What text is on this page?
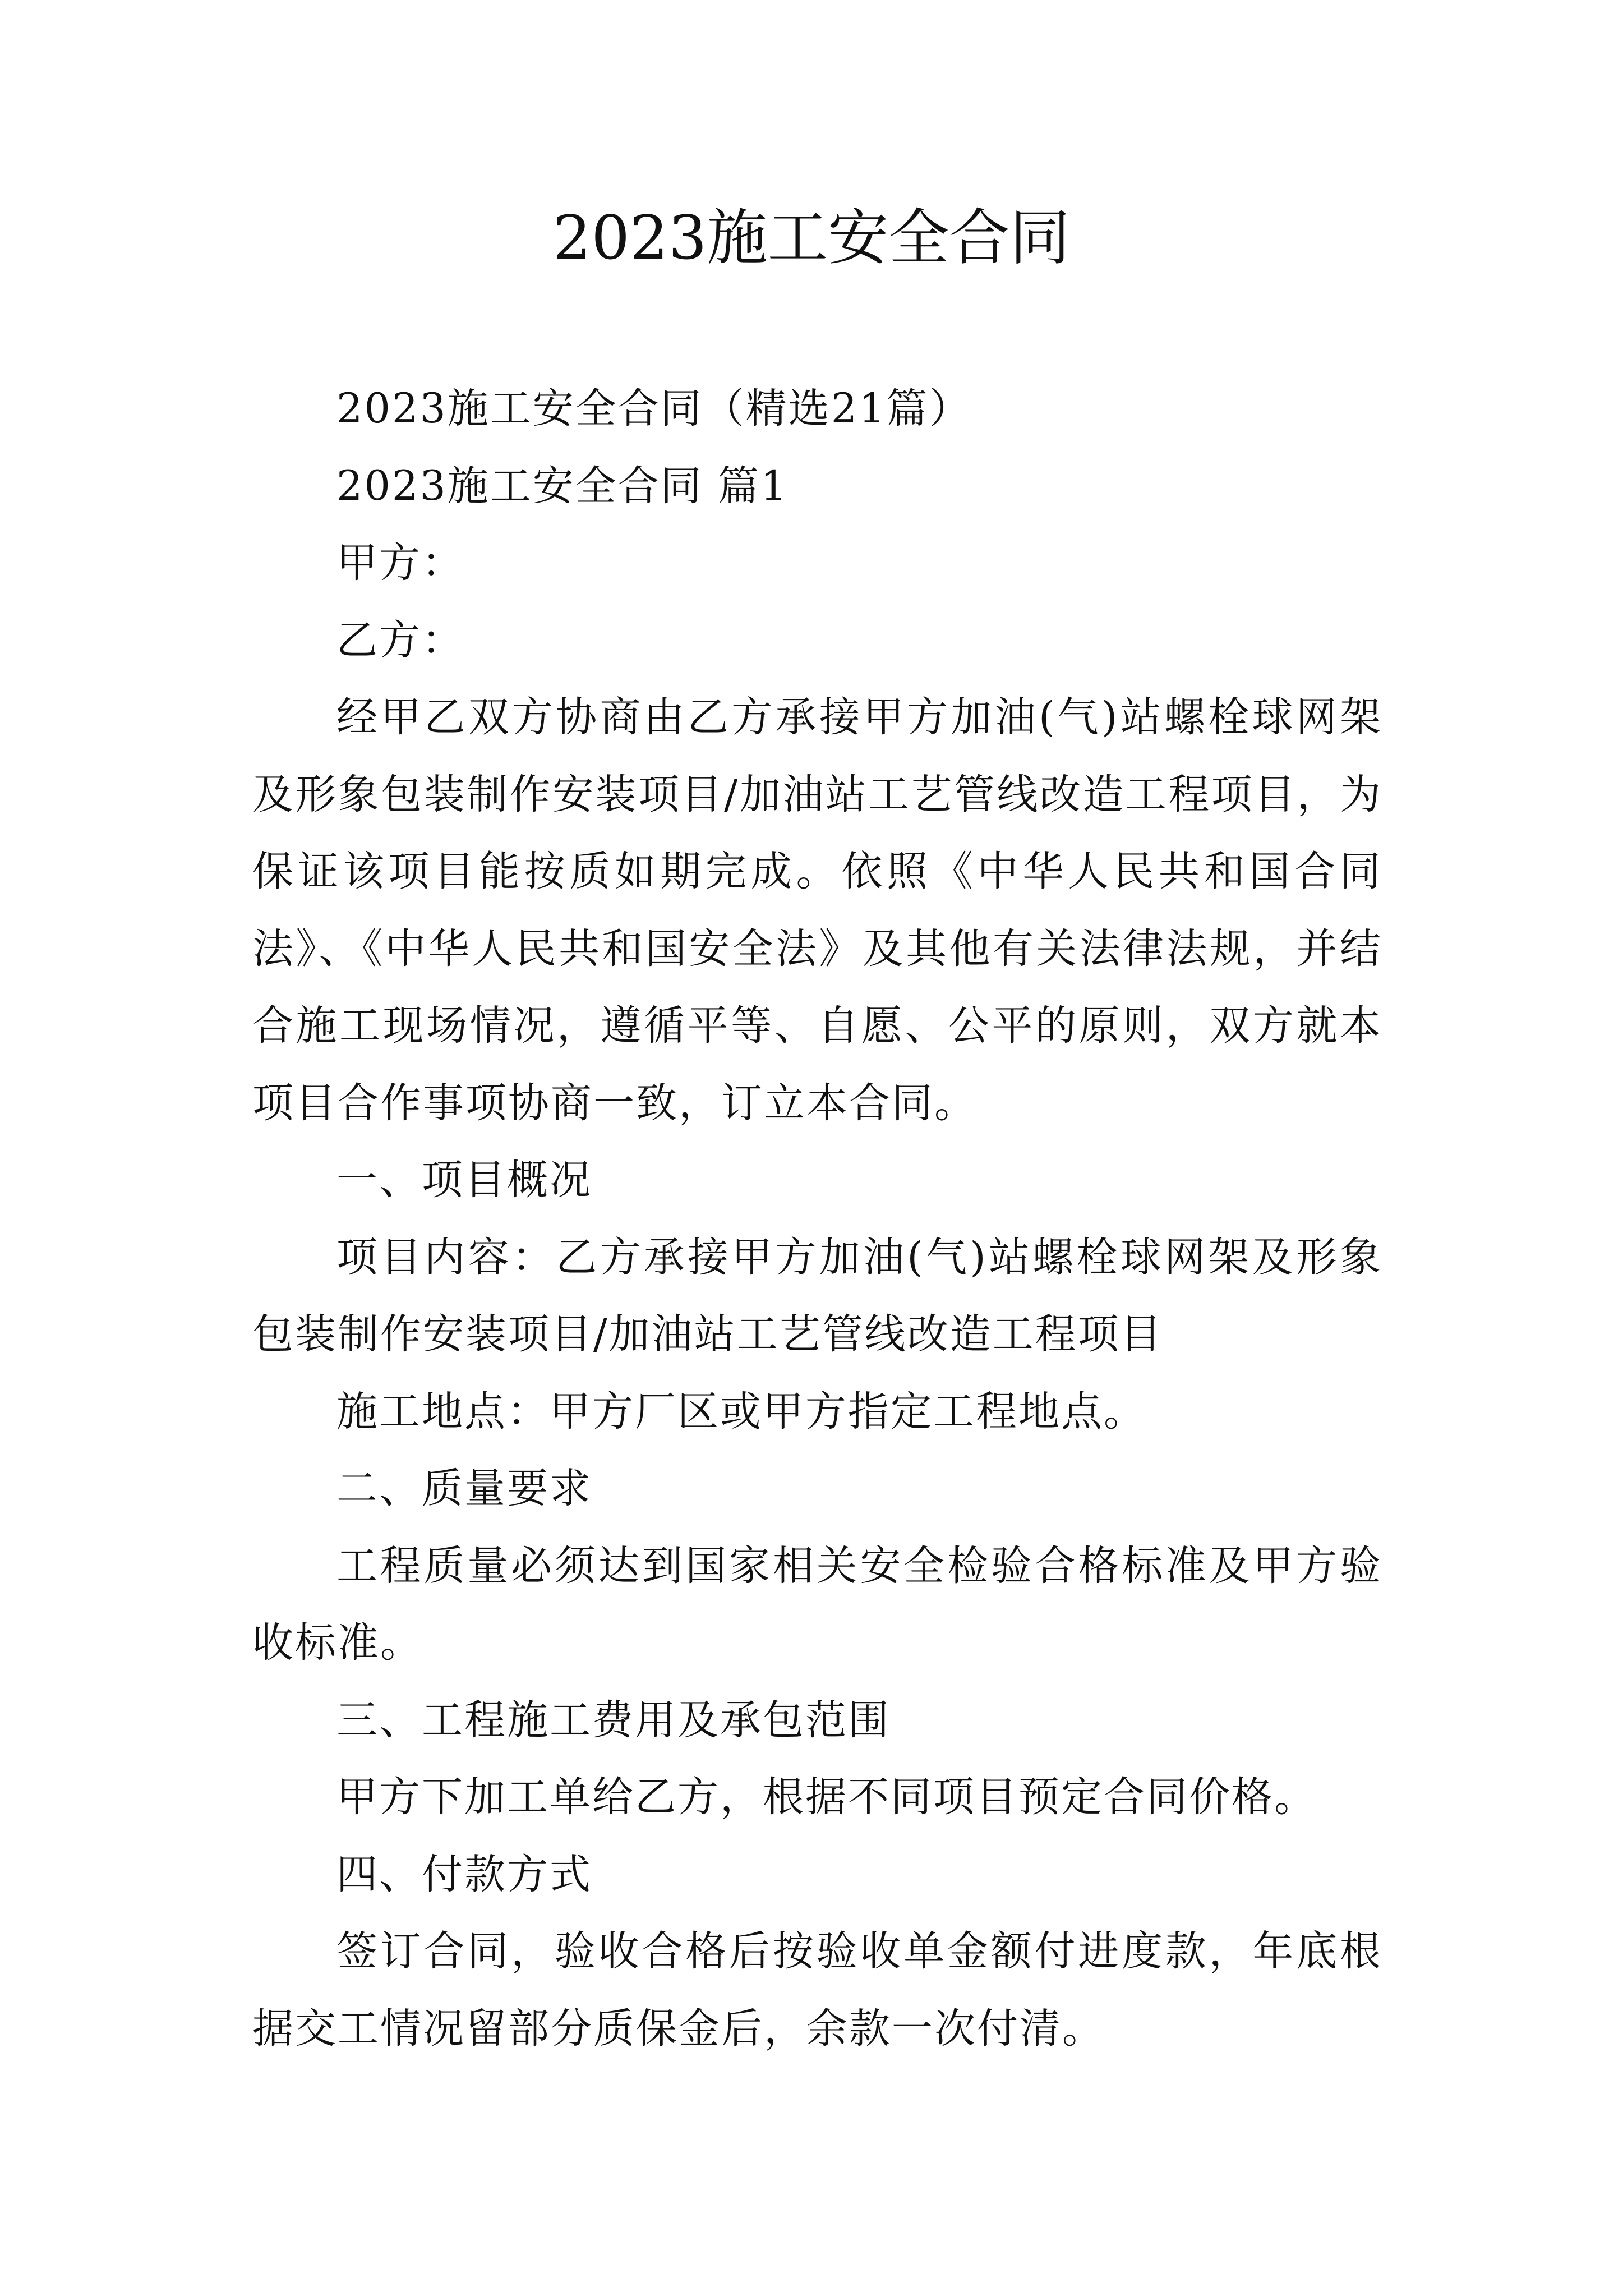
2023施工安全合同

2023施工安全合同（精选21篇）

2023施工安全合同 篇1

甲方：

乙方：

经甲乙双方协商由乙方承接甲方加油(气)站螺栓球网架及形象包装制作安装项目/加油站工艺管线改造工程项目，为保证该项目能按质如期完成。依照《中华人民共和国合同法》、《中华人民共和国安全法》及其他有关法律法规，并结合施工现场情况，遵循平等、自愿、公平的原则，双方就本项目合作事项协商一致，订立本合同。

一、项目概况

项目内容：乙方承接甲方加油(气)站螺栓球网架及形象包装制作安装项目/加油站工艺管线改造工程项目

施工地点：甲方厂区或甲方指定工程地点。

二、质量要求

工程质量必须达到国家相关安全检验合格标准及甲方验收标准。

三、工程施工费用及承包范围

甲方下加工单给乙方，根据不同项目预定合同价格。

四、付款方式

签订合同，验收合格后按验收单金额付进度款，年底根据交工情况留部分质保金后，余款一次付清。
